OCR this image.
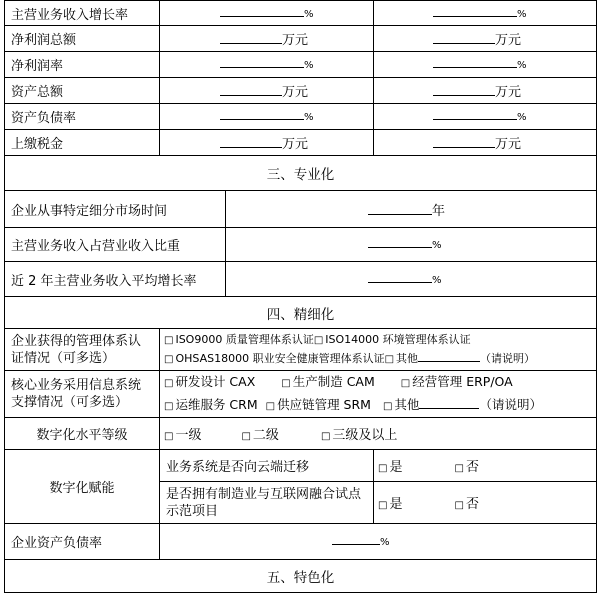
主营业务收入增长率	%		%
净利润总额	万元		万元
净利润率	%		%
资产总额	万元		万元
资产负债率	%		%
上缴税金	万元		万元
三、专业化			
企业从事特定细分市场时间		年	
主营业务收入占营业收入比重		%	
近 2 年主营业务收入平均增长率		%	
四、精细化			
企业获得的管理体系认证情况（可多选）	□ ISO9000 质量管理体系认证□ ISO14000 环境管理体系认证
□ OHSAS18000 职业安全健康管理体系认证□ 其他 （请说明）		

核心业务采用信息系统支撑情况（可多选）	□ 研发设计 CAX □ 生产制造 CAM □ 经营管理 ERP/OA
□ 运维服务 CRM □ 供应链管理 SRM □ 其他 （请说明）		

数字化水平等级	□ 一级 □ 二级 □ 三级及以上		
数字化赋能	业务系统是否向云端迁移		□ 是 □ 否
	是否拥有制造业与互联网融合试点示范项目		□ 是 □ 否
企业资产负债率	%		
五、特色化			
